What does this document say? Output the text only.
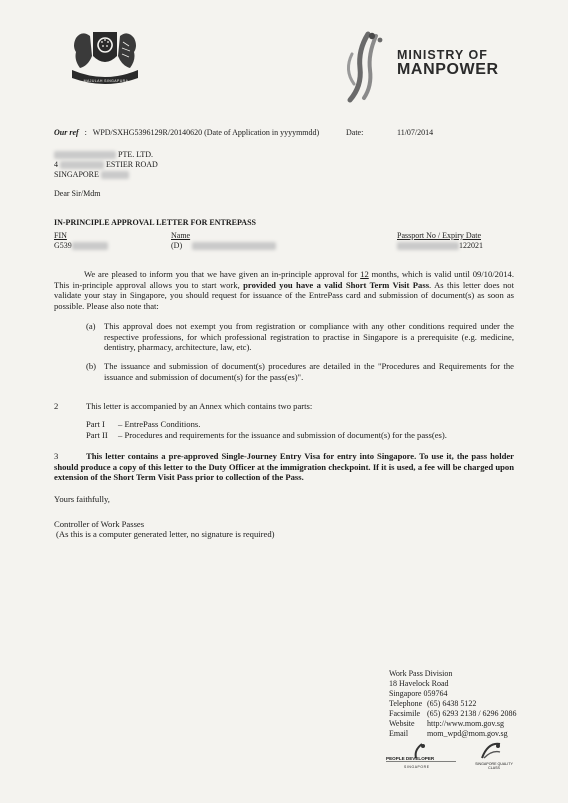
MAJULAH SINGAPURA
MINISTRY OF
MANPOWER
Our ref : WPD/SXHG5396129R/20140620 (Date of Application in yyyymmdd)	Date:	11/07/2014
PTE. LTD.
4	ESTIER ROAD
SINGAPORE
Dear Sir/Mdm
IN-PRINCIPLE APPROVAL LETTER FOR ENTREPASS
FIN	Name	Passport No / Expiry Date
G539	(D)	122021
We are pleased to inform you that we have given an in-principle approval for 12 months, which is valid until 09/10/2014. This in-principle approval allows you to start work, provided you have a valid Short Term Visit Pass. As this letter does not validate your stay in Singapore, you should request for issuance of the EntrePass card and submission of document(s) as soon as possible. Please also note that:
(a) This approval does not exempt you from registration or compliance with any other conditions required under the respective professions, for which professional registration to practise in Singapore is a prerequisite (e.g. medicine, dentistry, pharmacy, architecture, law, etc).
(b) The issuance and submission of document(s) procedures are detailed in the "Procedures and Requirements for the issuance and submission of document(s) for the pass(es)".
2	This letter is accompanied by an Annex which contains two parts:
Part I – EntrePass Conditions.
Part II – Procedures and requirements for the issuance and submission of document(s) for the pass(es).
3	This letter contains a pre-approved Single-Journey Entry Visa for entry into Singapore. To use it, the pass holder should produce a copy of this letter to the Duty Officer at the immigration checkpoint. If it is used, a fee will be charged upon extension of the Short Term Visit Pass prior to collection of the Pass.
Yours faithfully,
Controller of Work Passes
(As this is a computer generated letter, no signature is required)
Work Pass Division
18 Havelock Road
Singapore 059764
Telephone (65) 6438 5122
Facsimile (65) 6293 2138 / 6296 2086
Website http://www.mom.gov.sg
Email mom_wpd@mom.gov.sg
PEOPLE DEVELOPER
SINGAPORE
SINGAPORE QUALITY CLASS
